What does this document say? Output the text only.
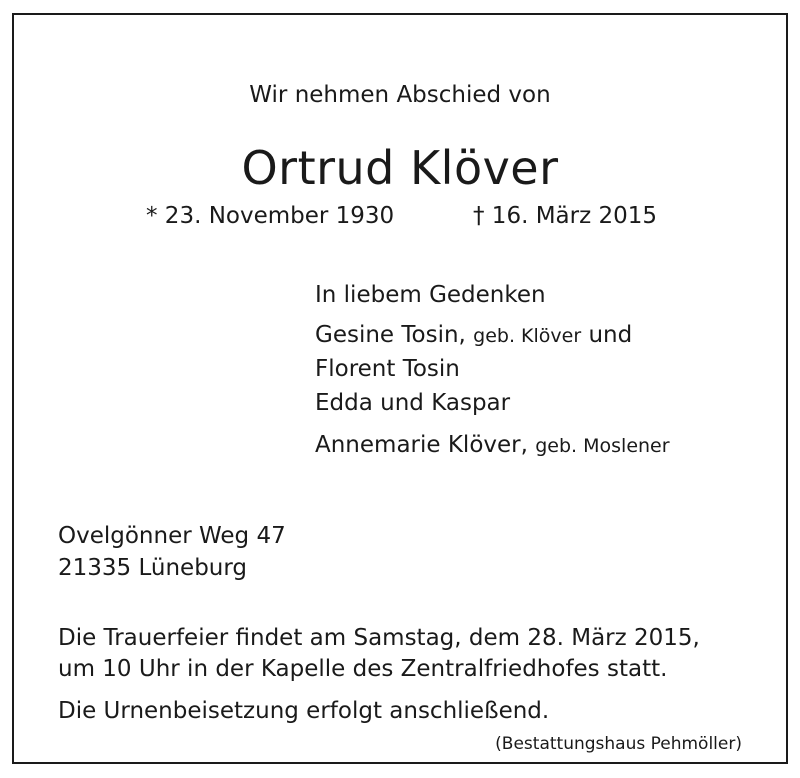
Wir nehmen Abschied von
Ortrud Klöver
* 23. November 1930	† 16. März 2015
In liebem Gedenken
Gesine Tosin, geb. Klöver und
Florent Tosin
Edda und Kaspar
Annemarie Klöver, geb. Moslener
Ovelgönner Weg 47
21335 Lüneburg
Die Trauerfeier findet am Samstag, dem 28. März 2015,
um 10 Uhr in der Kapelle des Zentralfriedhofes statt.
Die Urnenbeisetzung erfolgt anschließend.
(Bestattungshaus Pehmöller)
